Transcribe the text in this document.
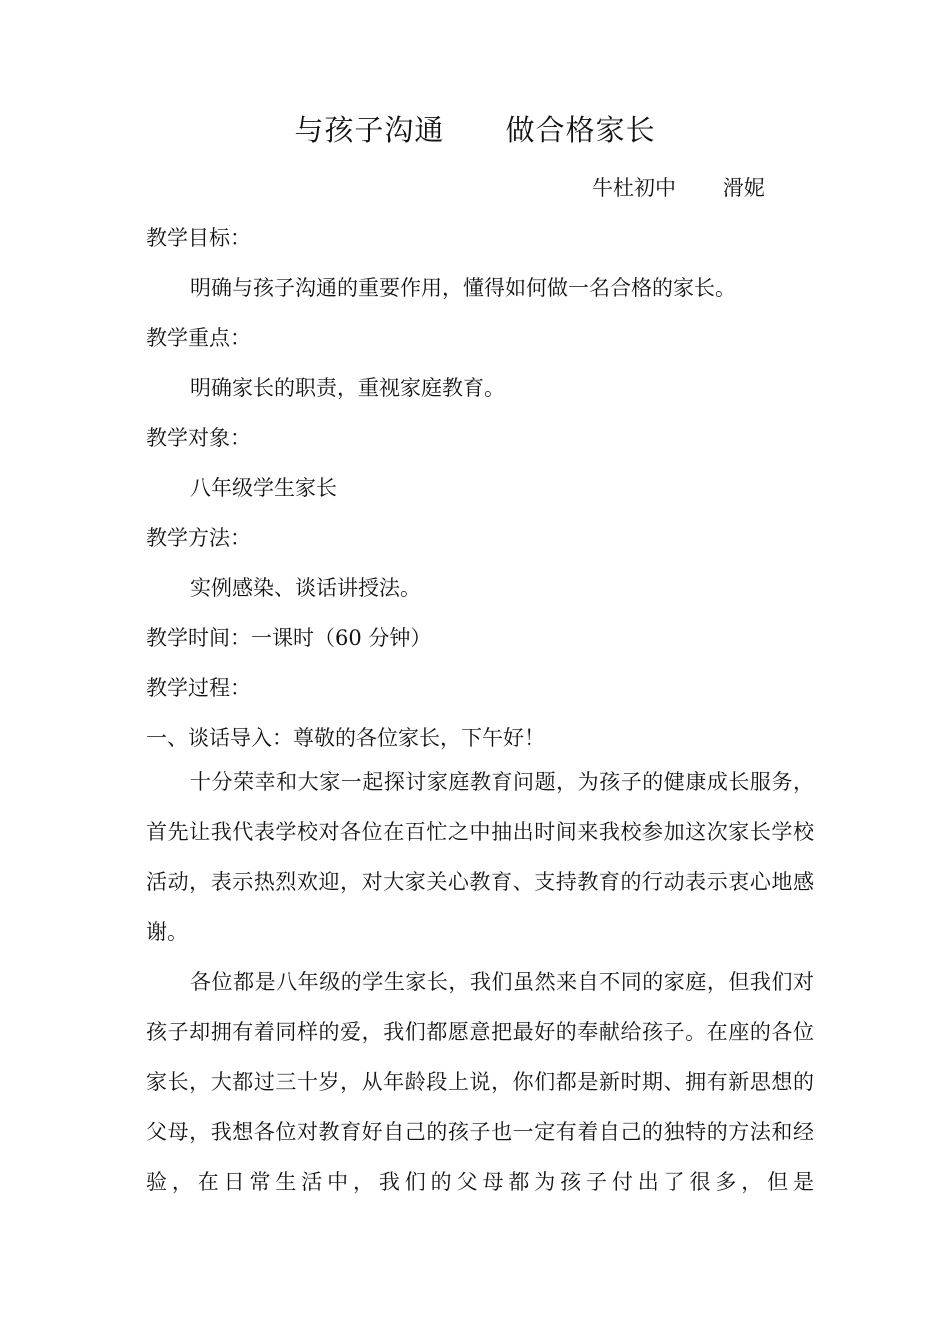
与孩子沟通      做合格家长
牛杜初中       滑妮
教学目标：
明确与孩子沟通的重要作用，懂得如何做一名合格的家长。
教学重点：
明确家长的职责，重视家庭教育。
教学对象：
八年级学生家长
教学方法：
实例感染、谈话讲授法。
教学时间：一课时（60 分钟）
教学过程：
一、谈话导入：尊敬的各位家长，下午好！
十分荣幸和大家一起探讨家庭教育问题，为孩子的健康成长服务，首先让我代表学校对各位在百忙之中抽出时间来我校参加这次家长学校活动，表示热烈欢迎，对大家关心教育、支持教育的行动表示衷心地感谢。
各位都是八年级的学生家长，我们虽然来自不同的家庭，但我们对孩子却拥有着同样的爱，我们都愿意把最好的奉献给孩子。在座的各位家长，大都过三十岁，从年龄段上说，你们都是新时期、拥有新思想的父母，我想各位对教育好自己的孩子也一定有着自己的独特的方法和经验，在日常生活中，我们的父母都为孩子付出了很多，但是
